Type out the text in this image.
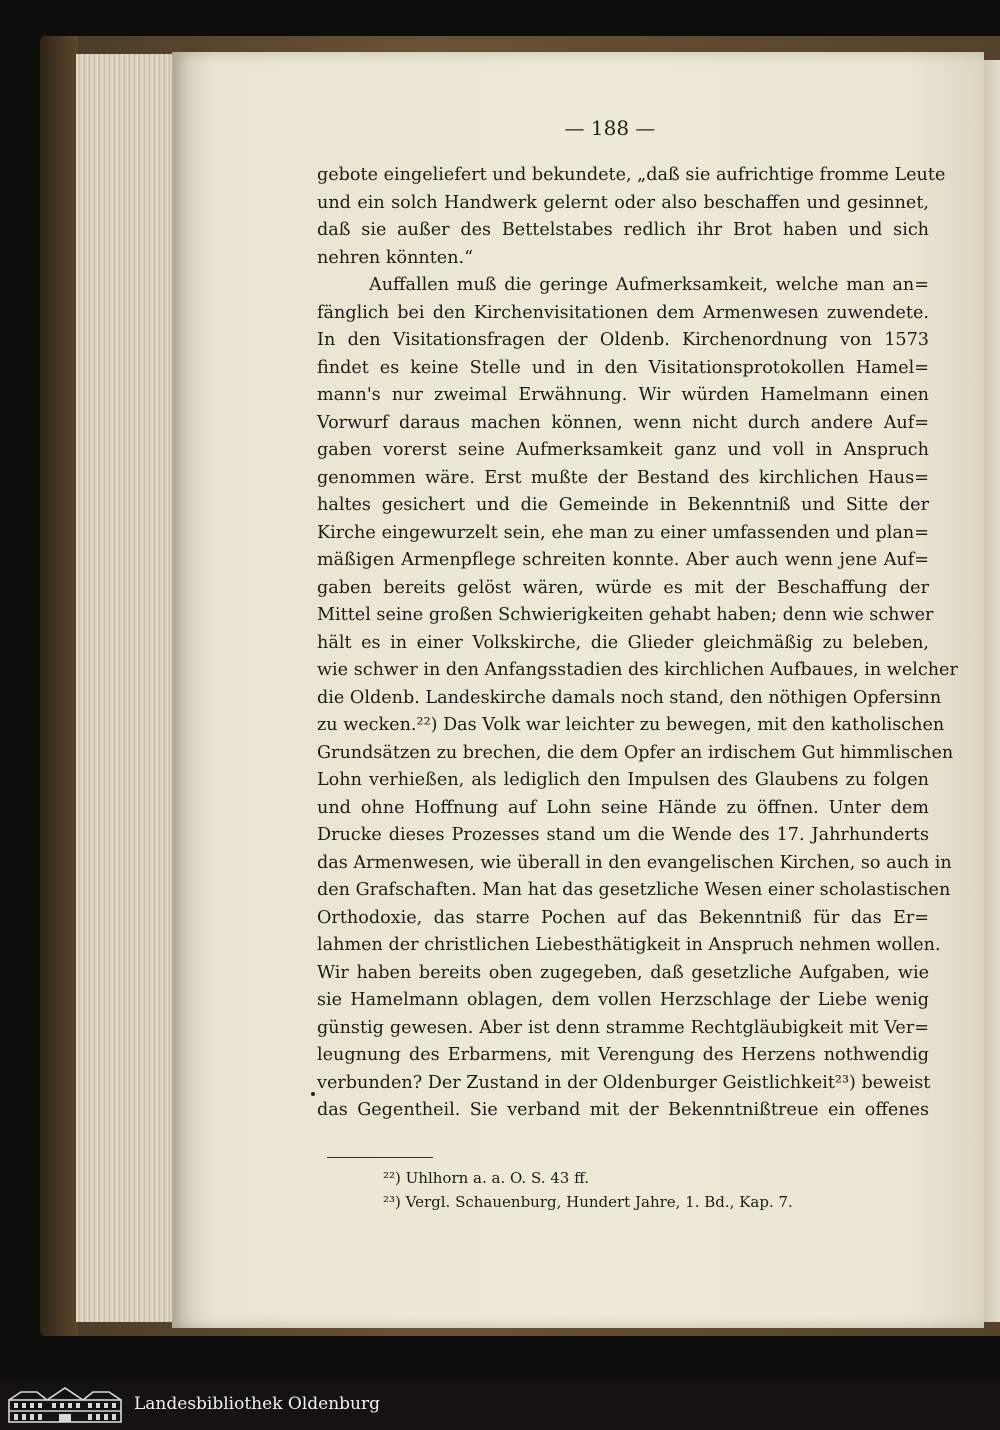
— 188 —
gebote eingeliefert und bekundete, „daß sie aufrichtige fromme Leute
und ein solch Handwerk gelernt oder also beschaffen und gesinnet,
daß sie außer des Bettelstabes redlich ihr Brot haben und sich
nehren könnten.“
Auffallen muß die geringe Aufmerksamkeit, welche man an=
fänglich bei den Kirchenvisitationen dem Armenwesen zuwendete.
In den Visitationsfragen der Oldenb. Kirchenordnung von 1573
findet es keine Stelle und in den Visitationsprotokollen Hamel=
mann's nur zweimal Erwähnung. Wir würden Hamelmann einen
Vorwurf daraus machen können, wenn nicht durch andere Auf=
gaben vorerst seine Aufmerksamkeit ganz und voll in Anspruch
genommen wäre. Erst mußte der Bestand des kirchlichen Haus=
haltes gesichert und die Gemeinde in Bekenntniß und Sitte der
Kirche eingewurzelt sein, ehe man zu einer umfassenden und plan=
mäßigen Armenpflege schreiten konnte. Aber auch wenn jene Auf=
gaben bereits gelöst wären, würde es mit der Beschaffung der
Mittel seine großen Schwierigkeiten gehabt haben; denn wie schwer
hält es in einer Volkskirche, die Glieder gleichmäßig zu beleben,
wie schwer in den Anfangsstadien des kirchlichen Aufbaues, in welcher
die Oldenb. Landeskirche damals noch stand, den nöthigen Opfersinn
zu wecken.²²) Das Volk war leichter zu bewegen, mit den katholischen
Grundsätzen zu brechen, die dem Opfer an irdischem Gut himmlischen
Lohn verhießen, als lediglich den Impulsen des Glaubens zu folgen
und ohne Hoffnung auf Lohn seine Hände zu öffnen. Unter dem
Drucke dieses Prozesses stand um die Wende des 17. Jahrhunderts
das Armenwesen, wie überall in den evangelischen Kirchen, so auch in
den Grafschaften. Man hat das gesetzliche Wesen einer scholastischen
Orthodoxie, das starre Pochen auf das Bekenntniß für das Er=
lahmen der christlichen Liebesthätigkeit in Anspruch nehmen wollen.
Wir haben bereits oben zugegeben, daß gesetzliche Aufgaben, wie
sie Hamelmann oblagen, dem vollen Herzschlage der Liebe wenig
günstig gewesen. Aber ist denn stramme Rechtgläubigkeit mit Ver=
leugnung des Erbarmens, mit Verengung des Herzens nothwendig
verbunden? Der Zustand in der Oldenburger Geistlichkeit²³) beweist
das Gegentheil. Sie verband mit der Bekenntnißtreue ein offenes
²²) Uhlhorn a. a. O. S. 43 ff.
²³) Vergl. Schauenburg, Hundert Jahre, 1. Bd., Kap. 7.
Landesbibliothek Oldenburg
